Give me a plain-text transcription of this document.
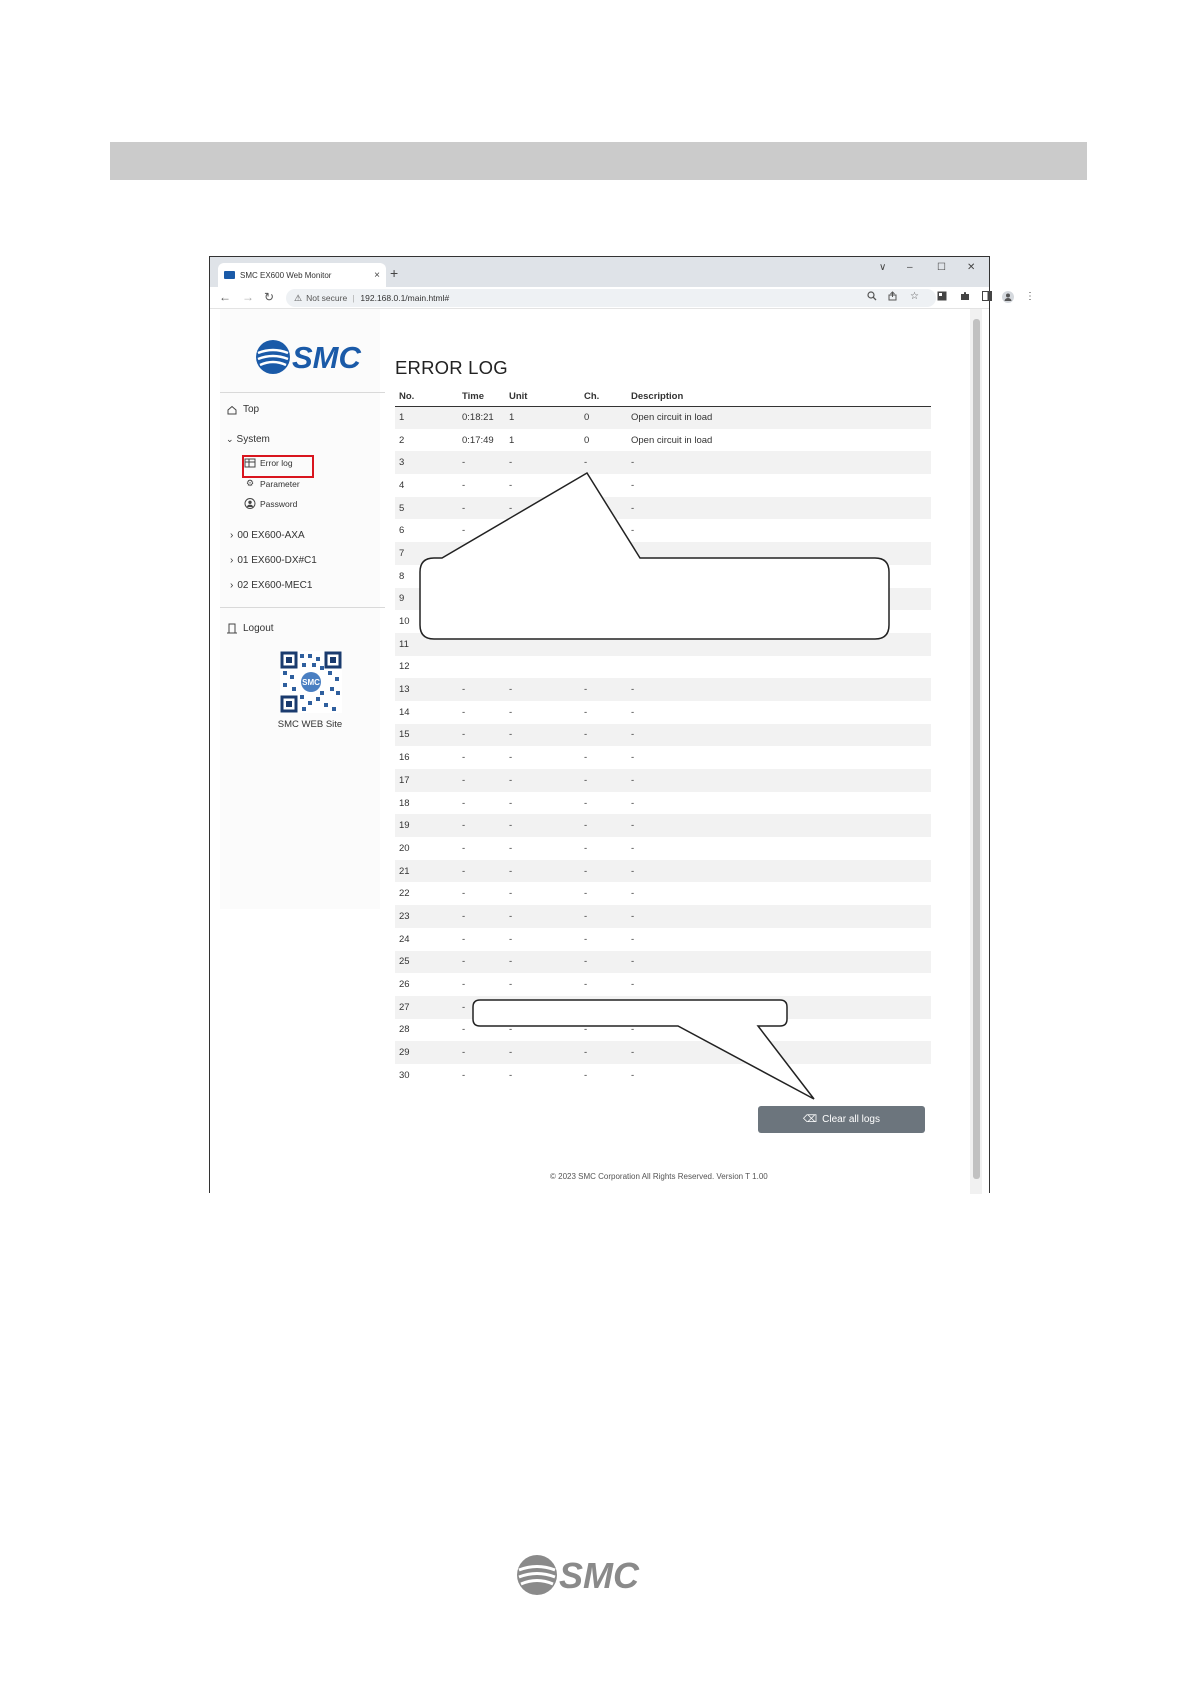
SMC EX600 Web Monitor	× +	∨ – ☐ ✕
← → ↻ ⚠ Not secure | 192.168.0.1/main.html#	☆	⋮
SMC
Top
⌄ System
Error log
⚙ Parameter
Password
› 00 EX600-AXA
› 01 EX600-DX#C1
› 02 EX600-MEC1
Logout
SMC
SMC WEB Site
ERROR LOG
No.	Time	Unit	Ch.	Description
1	0:18:21	1	0	Open circuit in load
2	0:17:49	1	0	Open circuit in load
3	-	-	-	-
4	-	-		-
5	-	-		-
6	-			-
7				
8				
9				
10				
11				
12				
13	-	-	-	-
14	-	-	-	-
15	-	-	-	-
16	-	-	-	-
17	-	-	-	-
18	-	-	-	-
19	-	-	-	-
20	-	-	-	-
21	-	-	-	-
22	-	-	-	-
23	-	-	-	-
24	-	-	-	-
25	-	-	-	-
26	-	-	-	-
27	-			
28	-	-	-	-
29	-	-	-	-
30	-	-	-	-
⌫ Clear all logs
© 2023 SMC Corporation All Rights Reserved. Version T 1.00
SMC
